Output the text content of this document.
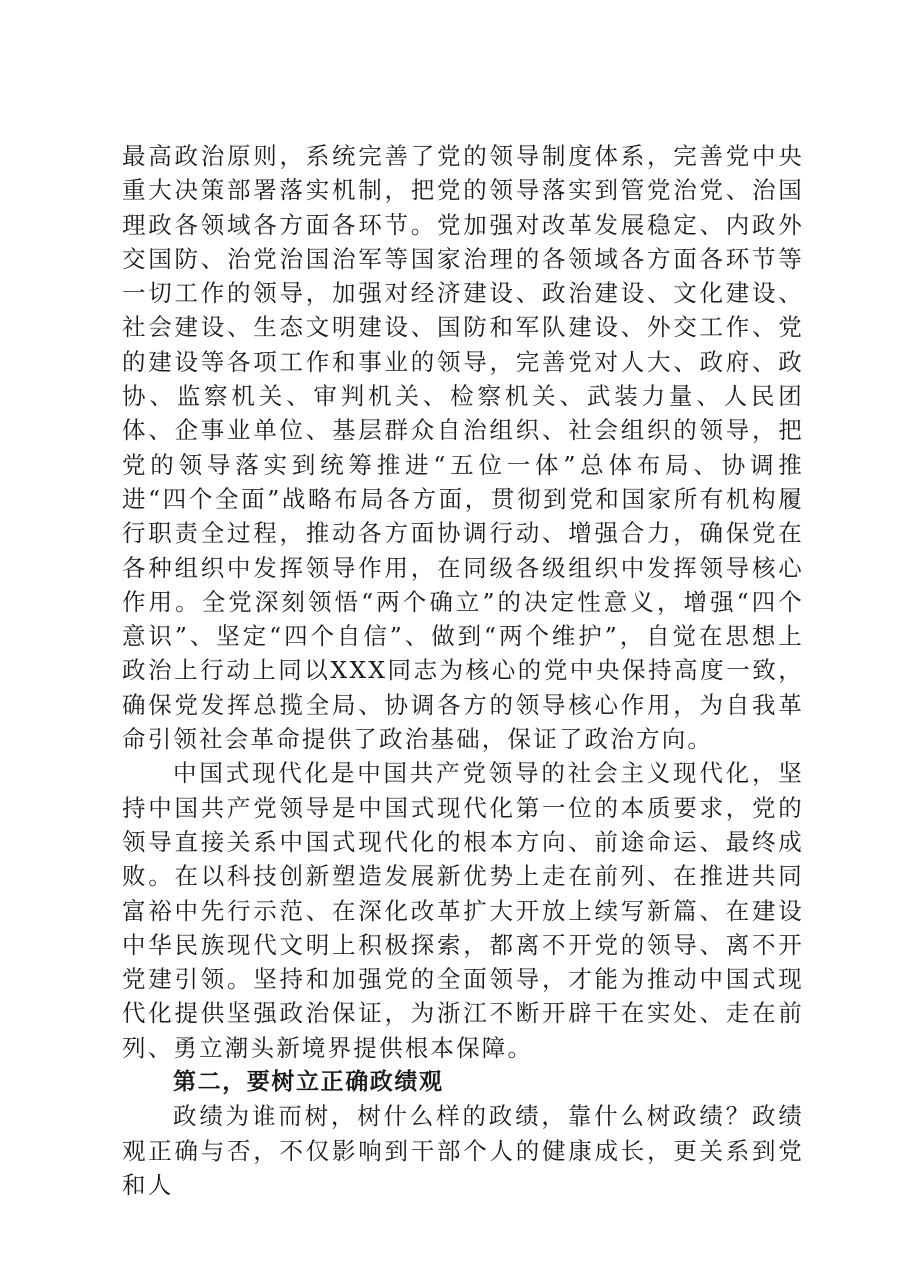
最高政治原则，系统完善了党的领导制度体系，完善党中央重大决策部署落实机制，把党的领导落实到管党治党、治国理政各领域各方面各环节。党加强对改革发展稳定、内政外交国防、治党治国治军等国家治理的各领域各方面各环节等一切工作的领导，加强对经济建设、政治建设、文化建设、社会建设、生态文明建设、国防和军队建设、外交工作、党的建设等各项工作和事业的领导，完善党对人大、政府、政协、监察机关、审判机关、检察机关、武装力量、人民团体、企事业单位、基层群众自治组织、社会组织的领导，把党的领导落实到统筹推进“五位一体”总体布局、协调推进“四个全面”战略布局各方面，贯彻到党和国家所有机构履行职责全过程，推动各方面协调行动、增强合力，确保党在各种组织中发挥领导作用，在同级各级组织中发挥领导核心作用。全党深刻领悟“两个确立”的决定性意义，增强“四个意识”、坚定“四个自信”、做到“两个维护”，自觉在思想上政治上行动上同以XXX同志为核心的党中央保持高度一致，确保党发挥总揽全局、协调各方的领导核心作用，为自我革命引领社会革命提供了政治基础，保证了政治方向。

中国式现代化是中国共产党领导的社会主义现代化，坚持中国共产党领导是中国式现代化第一位的本质要求，党的领导直接关系中国式现代化的根本方向、前途命运、最终成败。在以科技创新塑造发展新优势上走在前列、在推进共同富裕中先行示范、在深化改革扩大开放上续写新篇、在建设中华民族现代文明上积极探索，都离不开党的领导、离不开党建引领。坚持和加强党的全面领导，才能为推动中国式现代化提供坚强政治保证，为浙江不断开辟干在实处、走在前列、勇立潮头新境界提供根本保障。

第二，要树立正确政绩观

政绩为谁而树，树什么样的政绩，靠什么树政绩？政绩观正确与否，不仅影响到干部个人的健康成长，更关系到党和人
